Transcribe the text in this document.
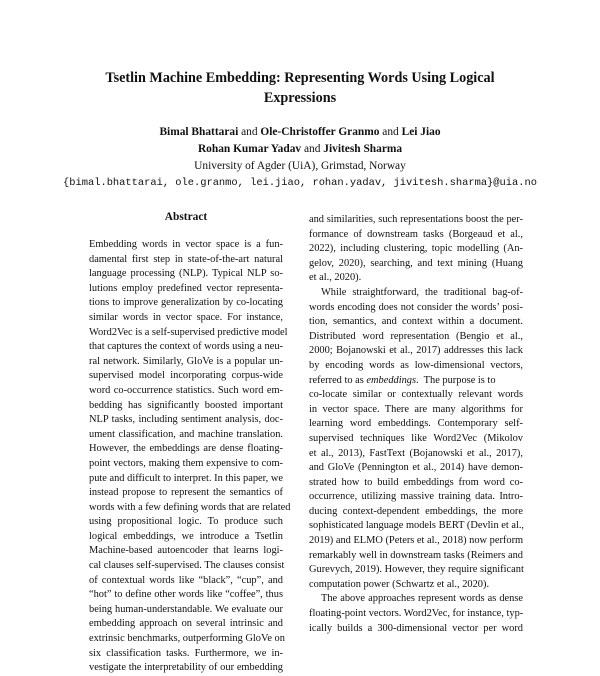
Tsetlin Machine Embedding: Representing Words Using Logical
Expressions
Bimal Bhattarai and Ole-Christoffer Granmo and Lei Jiao
Rohan Kumar Yadav and Jivitesh Sharma
University of Agder (UiA), Grimstad, Norway
{bimal.bhattarai, ole.granmo, lei.jiao, rohan.yadav, jivitesh.sharma}@uia.no
Abstract
Embedding words in vector space is a fun-
damental first step in state-of-the-art natural
language processing (NLP). Typical NLP so-
lutions employ predefined vector representa-
tions to improve generalization by co-locating
similar words in vector space. For instance,
Word2Vec is a self-supervised predictive model
that captures the context of words using a neu-
ral network. Similarly, GloVe is a popular un-
supervised model incorporating corpus-wide
word co-occurrence statistics. Such word em-
bedding has significantly boosted important
NLP tasks, including sentiment analysis, doc-
ument classification, and machine translation.
However, the embeddings are dense floating-
point vectors, making them expensive to com-
pute and difficult to interpret. In this paper, we
instead propose to represent the semantics of
words with a few defining words that are related
using propositional logic. To produce such
logical embeddings, we introduce a Tsetlin
Machine-based autoencoder that learns logi-
cal clauses self-supervised. The clauses consist
of contextual words like “black”, “cup”, and
“hot” to define other words like “coffee”, thus
being human-understandable. We evaluate our
embedding approach on several intrinsic and
extrinsic benchmarks, outperforming GloVe on
six classification tasks. Furthermore, we in-
vestigate the interpretability of our embedding
and similarities, such representations boost the per-
formance of downstream tasks (Borgeaud et al.,
2022), including clustering, topic modelling (An-
gelov, 2020), searching, and text mining (Huang
et al., 2020).
While straightforward, the traditional bag-of-
words encoding does not consider the words’ posi-
tion, semantics, and context within a document.
Distributed word representation (Bengio et al.,
2000; Bojanowski et al., 2017) addresses this lack
by encoding words as low-dimensional vectors,
referred to as embeddings.  The purpose is to
co-locate similar or contextually relevant words
in vector space. There are many algorithms for
learning word embeddings. Contemporary self-
supervised techniques like Word2Vec (Mikolov
et al., 2013), FastText (Bojanowski et al., 2017),
and GloVe (Pennington et al., 2014) have demon-
strated how to build embeddings from word co-
occurrence, utilizing massive training data. Intro-
ducing context-dependent embeddings, the more
sophisticated language models BERT (Devlin et al.,
2019) and ELMO (Peters et al., 2018) now perform
remarkably well in downstream tasks (Reimers and
Gurevych, 2019). However, they require significant
computation power (Schwartz et al., 2020).
The above approaches represent words as dense
floating-point vectors. Word2Vec, for instance, typ-
ically builds a 300-dimensional vector per word
